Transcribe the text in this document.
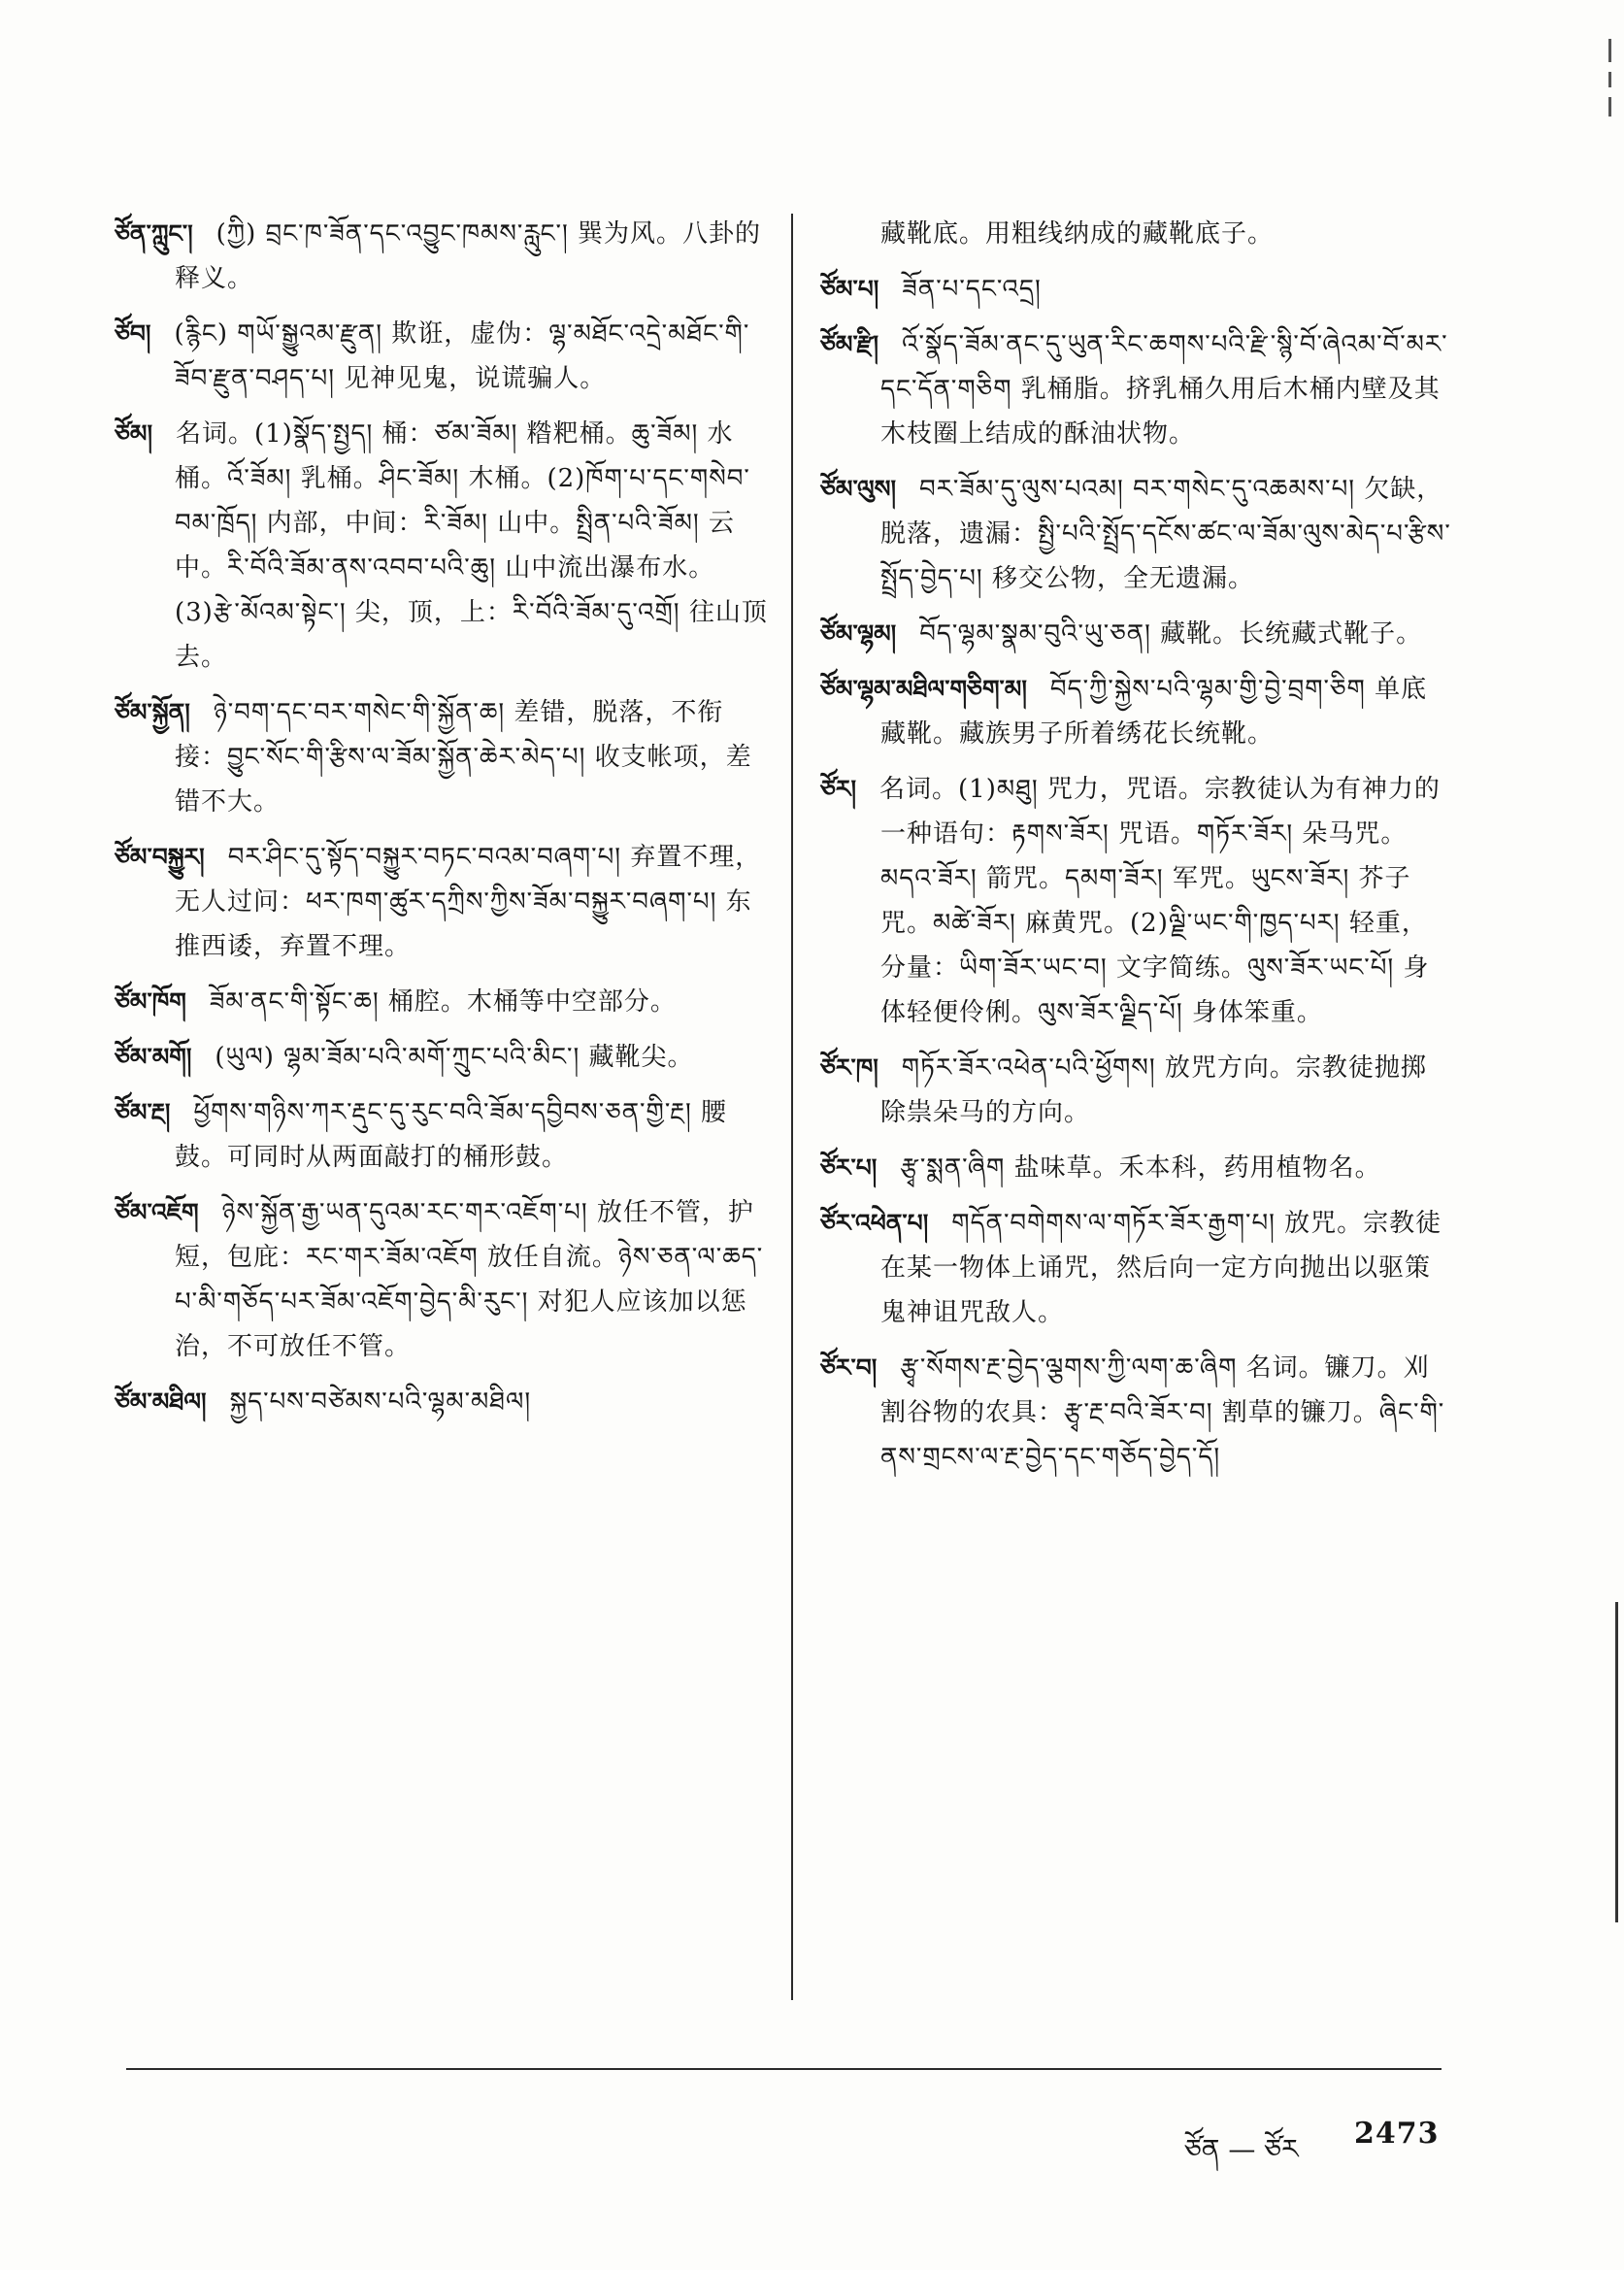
ཙོན་ཀླུང་། (ཀྱི) བྲང་ཁ་ཟོན་དང་འབྱུང་ཁམས་རླུང་། 巽为风。八卦的释义。

ཙོབ། (རྙིང) གཡོ་སྒྱུའམ་རྫུན། 欺诳，虚伪：ལྷ་མཐོང་འདྲེ་མཐོང་གི་ཟོབ་རྫུན་བཤད་པ། 见神见鬼，说谎骗人。

ཙོམ། 名词。(1)སྣོད་སྤྱད། 桶：ཙམ་ཟོམ། 糌粑桶。ཆུ་ཟོམ། 水桶。འོ་ཟོམ། 乳桶。ཤིང་ཟོམ། 木桶。(2)ཁོག་པ་དང་གསེབ་བམ་ཁྲོད། 内部，中间：རི་ཟོམ། 山中。སྤྲིན་པའི་ཟོམ། 云中。རི་བོའི་ཟོམ་ནས་འབབ་པའི་ཆུ། 山中流出瀑布水。(3)རྩེ་མོའམ་སྟེང་། 尖，顶，上：རི་བོའི་ཟོམ་དུ་འགྲོ། 往山顶去。

ཙོམ་སྐྱོན། ཉེ་བག་དང་བར་གསེང་གི་སྐྱོན་ཆ། 差错，脱落，不衔接：བྱུང་སོང་གི་རྩིས་ལ་ཟོམ་སྐྱོན་ཆེར་མེད་པ། 收支帐项，差错不大。

ཙོམ་བསྐྱུར། བར་ཤིང་དུ་སྟོད་བསྐྱུར་བཏང་བའམ་བཞག་པ། 弃置不理，无人过问：ཕར་ཁག་ཚུར་དཀྲིས་ཀྱིས་ཟོམ་བསྐྱུར་བཞག་པ། 东推西诿，弃置不理。

ཙོམ་ཁོག ཟོམ་ནང་གི་སྟོང་ཆ། 桶腔。木桶等中空部分。

ཙོམ་མགོ། (ཡུལ) ལྷམ་ཟོམ་པའི་མགོ་ཀྲུང་པའི་མིང་། 藏靴尖。

ཙོམ་རྔ། ཕྱོགས་གཉིས་ཀར་རྡུང་དུ་རུང་བའི་ཟོམ་དབྱིབས་ཅན་གྱི་རྔ། 腰鼓。可同时从两面敲打的桶形鼓。

ཙོམ་འཇོག ཉེས་སྐྱོན་རྒྱ་ཡན་དུའམ་རང་གར་འཇོག་པ། 放任不管，护短，包庇：རང་གར་ཟོམ་འཇོག 放任自流。ཉེས་ཅན་ལ་ཆད་པ་མི་གཅོད་པར་ཟོམ་འཇོག་བྱེད་མི་རུང་། 对犯人应该加以惩治，不可放任不管。

ཙོམ་མཐིལ། སྐྱད་པས་བཙེམས་པའི་ལྷམ་མཐིལ།

藏靴底。用粗线纳成的藏靴底子。

ཙོམ་པ། ཟོན་པ་དང་འདྲ།

ཙོམ་རྫི། འོ་སྣོད་ཟོམ་ནང་དུ་ཡུན་རིང་ཆགས་པའི་རྫི་སྙི་བོ་ཞེའམ་བོ་མར་དང་དོན་གཅིག 乳桶脂。挤乳桶久用后木桶内壁及其木枝圈上结成的酥油状物。

ཙོམ་ལུས། བར་ཟོམ་དུ་ལུས་པའམ། བར་གསེང་དུ་འཆམས་པ། 欠缺，脱落，遗漏：སྤྱི་པའི་སྤྲོད་དངོས་ཚང་ལ་ཟོམ་ལུས་མེད་པ་རྩིས་སྤྲོད་བྱེད་པ། 移交公物，全无遗漏。

ཙོམ་ལྷམ། བོད་ལྷམ་སྣམ་བུའི་ཡུ་ཅན། 藏靴。长统藏式靴子。

ཙོམ་ལྷམ་མཐིལ་གཅིག་མ། བོད་ཀྱི་སྐྱེས་པའི་ལྷམ་གྱི་བྱེ་བྲག་ཅིག 单底藏靴。藏族男子所着绣花长统靴。

ཙོར། 名词。(1)མཐུ། 咒力，咒语。宗教徒认为有神力的一种语句：རྟགས་ཟོར། 咒语。གཏོར་ཟོར། 朵马咒。མདའ་ཟོར། 箭咒。དམག་ཟོར། 军咒。ཡུངས་ཟོར། 芥子咒。མཚེ་ཟོར། 麻黄咒。(2)ལྗི་ཡང་གི་ཁྱད་པར། 轻重，分量：ཡིག་ཟོར་ཡང་བ། 文字简练。ལུས་ཟོར་ཡང་པོ། 身体轻便伶俐。ལུས་ཟོར་ལྗིད་པོ། 身体笨重。

ཙོར་ཁ། གཏོར་ཟོར་འཕེན་པའི་ཕྱོགས། 放咒方向。宗教徒抛掷除祟朵马的方向。

ཙོར་པ། རྩྭ་སྨན་ཞིག 盐味草。禾本科，药用植物名。

ཙོར་འཕེན་པ། གདོན་བགེགས་ལ་གཏོར་ཟོར་རྒྱག་པ། 放咒。宗教徒在某一物体上诵咒，然后向一定方向抛出以驱策鬼神诅咒敌人。

ཙོར་བ། རྩྭ་སོགས་རྔ་བྱེད་ལྕགས་ཀྱི་ལག་ཆ་ཞིག 名词。镰刀。刈割谷物的农具：རྩྭ་རྔ་བའི་ཟོར་བ། 割草的镰刀。ཞིང་གི་ནས་གྲངས་ལ་རྔ་བྱེད་དང་གཅོད་བྱེད་དོ།

ཙོན — ཙོར 2473
